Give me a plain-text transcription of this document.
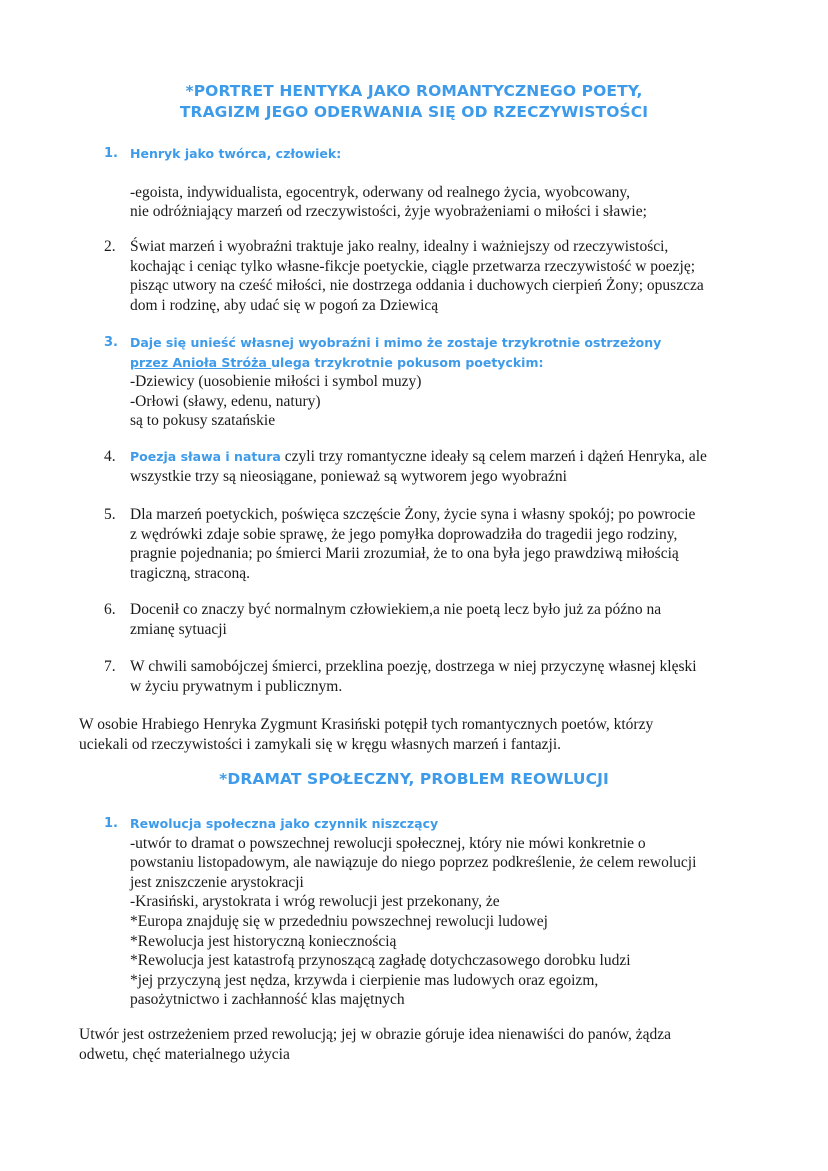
*PORTRET HENTYKA JAKO ROMANTYCZNEGO POETY,
TRAGIZM JEGO ODERWANIA SIĘ OD RZECZYWISTOŚCI
1. Henryk jako twórca, człowiek:
-egoista, indywidualista, egocentryk, oderwany od realnego życia, wyobcowany,
nie odróżniający marzeń od rzeczywistości, żyje wyobrażeniami o miłości i sławie;
2. Świat marzeń i wyobraźni traktuje jako realny, idealny i ważniejszy od rzeczywistości,
kochając i ceniąc tylko własne-fikcje poetyckie, ciągle przetwarza rzeczywistość w poezję;
pisząc utwory na cześć miłości, nie dostrzega oddania i duchowych cierpień Żony; opuszcza
dom i rodzinę, aby udać się w pogoń za Dziewicą
3. Daje się unieść własnej wyobraźni i mimo że zostaje trzykrotnie ostrzeżony
przez Anioła Stróża ulega trzykrotnie pokusom poetyckim:
-Dziewicy (uosobienie miłości i symbol muzy)
-Orłowi (sławy, edenu, natury)
są to pokusy szatańskie
4.	Poezja sława i natura czyli trzy romantyczne ideały są celem marzeń i dążeń Henryka, ale
wszystkie trzy są nieosiągane, ponieważ są wytworem jego wyobraźni
5. Dla marzeń poetyckich, poświęca szczęście Żony, życie syna i własny spokój; po powrocie
z wędrówki zdaje sobie sprawę, że jego pomyłka doprowadziła do tragedii jego rodziny,
pragnie pojednania; po śmierci Marii zrozumiał, że to ona była jego prawdziwą miłością
tragiczną, straconą.
6. Docenił co znaczy być normalnym człowiekiem,a nie poetą lecz było już za późno na
zmianę sytuacji
7. W chwili samobójczej śmierci, przeklina poezję, dostrzega w niej przyczynę własnej klęski
w życiu prywatnym i publicznym.
W osobie Hrabiego Henryka Zygmunt Krasiński potępił tych romantycznych poetów, którzy
uciekali od rzeczywistości i zamykali się w kręgu własnych marzeń i fantazji.
*DRAMAT SPOŁECZNY, PROBLEM REOWLUCJI
1. Rewolucja społeczna jako czynnik niszczący
-utwór to dramat o powszechnej rewolucji społecznej, który nie mówi konkretnie o
powstaniu listopadowym, ale nawiązuje do niego poprzez podkreślenie, że celem rewolucji
jest zniszczenie arystokracji
-Krasiński, arystokrata i wróg rewolucji jest przekonany, że
*Europa znajduję się w przededniu powszechnej rewolucji ludowej
*Rewolucja jest historyczną koniecznością
*Rewolucja jest katastrofą przynoszącą zagładę dotychczasowego dorobku ludzi
*jej przyczyną jest nędza, krzywda i cierpienie mas ludowych oraz egoizm,
pasożytnictwo i zachłanność klas majętnych
Utwór jest ostrzeżeniem przed rewolucją; jej w obrazie góruje idea nienawiści do panów, żądza
odwetu, chęć materialnego użycia
